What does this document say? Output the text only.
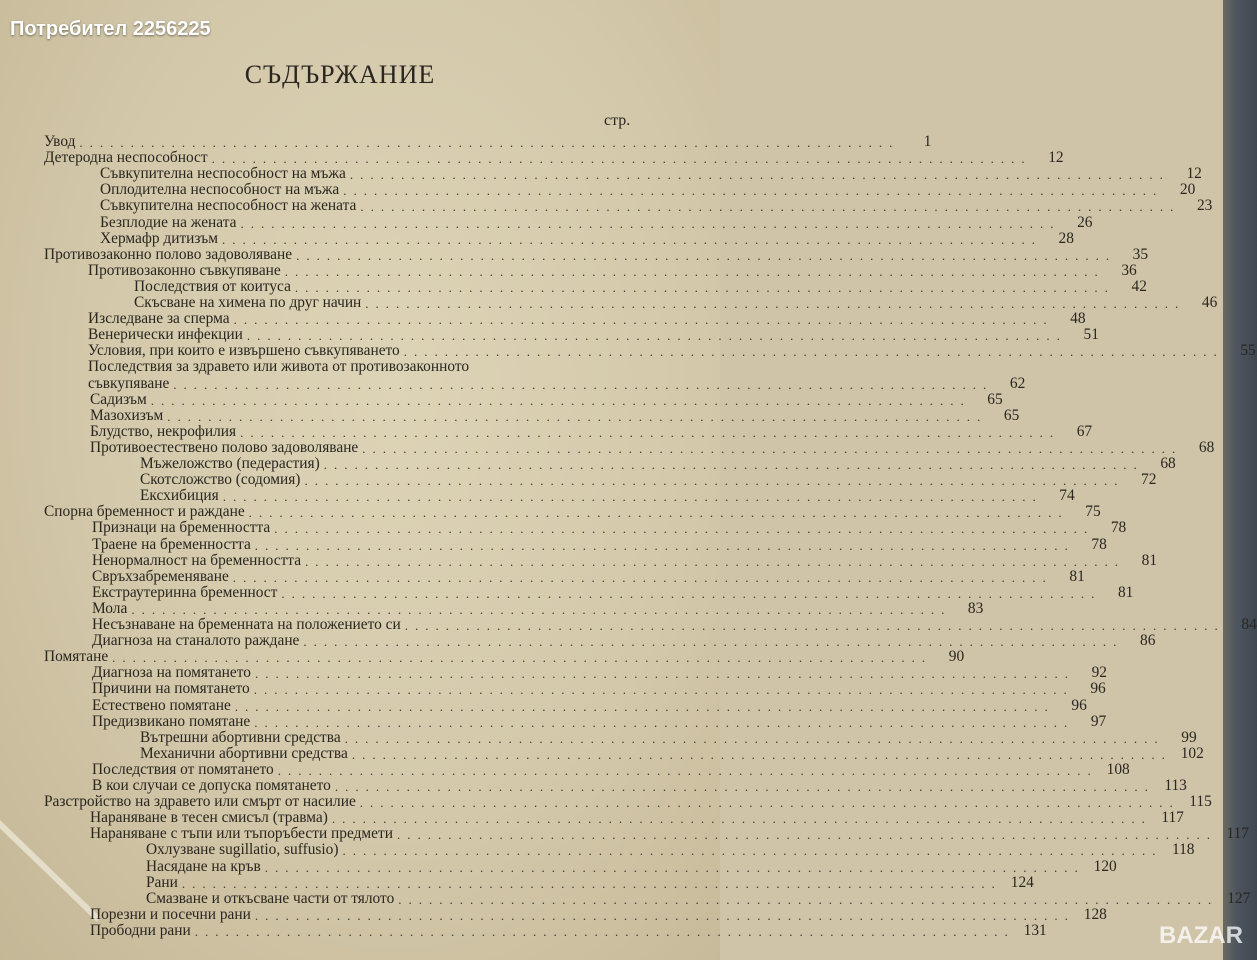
Потребител 2256225
СЪДЪРЖАНИЕ
стр.
Увод ................................................................................	1
Детеродна неспособност ................................................................................	12
Съвкупителна неспособност на мъжа ................................................................................	12
Оплодителна неспособност на мъжа ................................................................................	20
Съвкупителна неспособност на жената ................................................................................	23
Безплодие на жената ................................................................................	26
Хермафр дитизъм ................................................................................	28
Противозаконно полово задоволяване ................................................................................	35
Противозаконно съвкупяване ................................................................................	36
Последствия от коитуса ................................................................................	42
Скъсване на химена по друг начин ................................................................................	46
Изследване за сперма ................................................................................	48
Венерически инфекции ................................................................................	51
Условия, при които е извършено съвкупяването ................................................................................	55
Последствия за здравето или живота от противозаконното
съвкупяване ................................................................................	62
Садизъм ................................................................................	65
Мазохизъм ................................................................................	65
Блудство, некрофилия ................................................................................	67
Противоестествено полово задоволяване ................................................................................	68
Мъжеложство (педерастия) ................................................................................	68
Скотсложство (содомия) ................................................................................	72
Ексхибиция ................................................................................	74
Спорна бременност и раждане ................................................................................	75
Признаци на бременността ................................................................................	78
Траене на бременността ................................................................................	78
Ненормалност на бременността ................................................................................	81
Свръхзабременяване ................................................................................	81
Екстраутеринна бременност ................................................................................	81
Мола ................................................................................	83
Несъзнаване на бременната на положението си ................................................................................	84
Диагноза на станалото раждане ................................................................................	86
Помятане ................................................................................	90
Диагноза на помятането ................................................................................	92
Причини на помятането ................................................................................	96
Естествено помятане ................................................................................	96
Предизвикано помятане ................................................................................	97
Вътрешни абортивни средства ................................................................................	99
Механични абортивни средства ................................................................................ 102
Последствия от помятането ................................................................................ 108
В кои случаи се допуска помятането ................................................................................ 113
Разстройство на здравето или смърт от насилие ................................................................................ 115
Нараняване в тесен смисъл (травма) ................................................................................ 117
Нараняване с тъпи или тъпоръбести предмети ................................................................................ 117
Охлузване sugillatio, suffusio) ................................................................................ 118
Насядане на кръв ................................................................................ 120
Рани ................................................................................ 124
Смазване и откъсване части от тялото ................................................................................ 127
Порезни и посечни рани ................................................................................ 128
Прободни рани ................................................................................ 131	BAZAR
